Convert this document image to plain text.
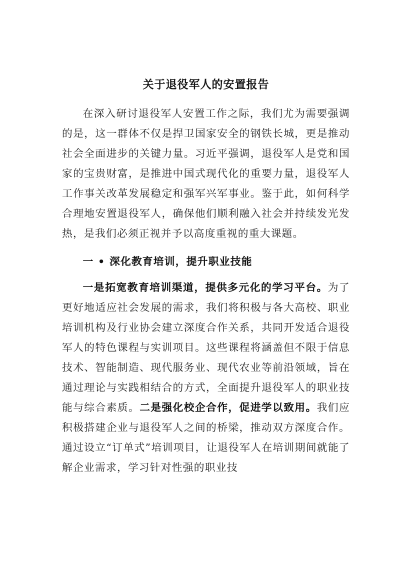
关于退役军人的安置报告

在深入研讨退役军人安置工作之际，我们尤为需要强调的是，这一群体不仅是捍卫国家安全的钢铁长城，更是推动社会全面进步的关键力量。习近平强调，退役军人是党和国家的宝贵财富，是推进中国式现代化的重要力量，退役军人工作事关改革发展稳定和强军兴军事业。鉴于此，如何科学合理地安置退役军人，确保他们顺利融入社会并持续发光发热，是我们必须正视并予以高度重视的重大课题。

一 • 深化教育培训，提升职业技能

一是拓宽教育培训渠道，提供多元化的学习平台。为了更好地适应社会发展的需求，我们将积极与各大高校、职业培训机构及行业协会建立深度合作关系，共同开发适合退役军人的特色课程与实训项目。这些课程将涵盖但不限于信息技术、智能制造、现代服务业、现代农业等前沿领域，旨在通过理论与实践相结合的方式，全面提升退役军人的职业技能与综合素质。二是强化校企合作，促进学以致用。我们应积极搭建企业与退役军人之间的桥梁，推动双方深度合作。通过设立“订单式”培训项目，让退役军人在培训期间就能了解企业需求，学习针对性强的职业技
